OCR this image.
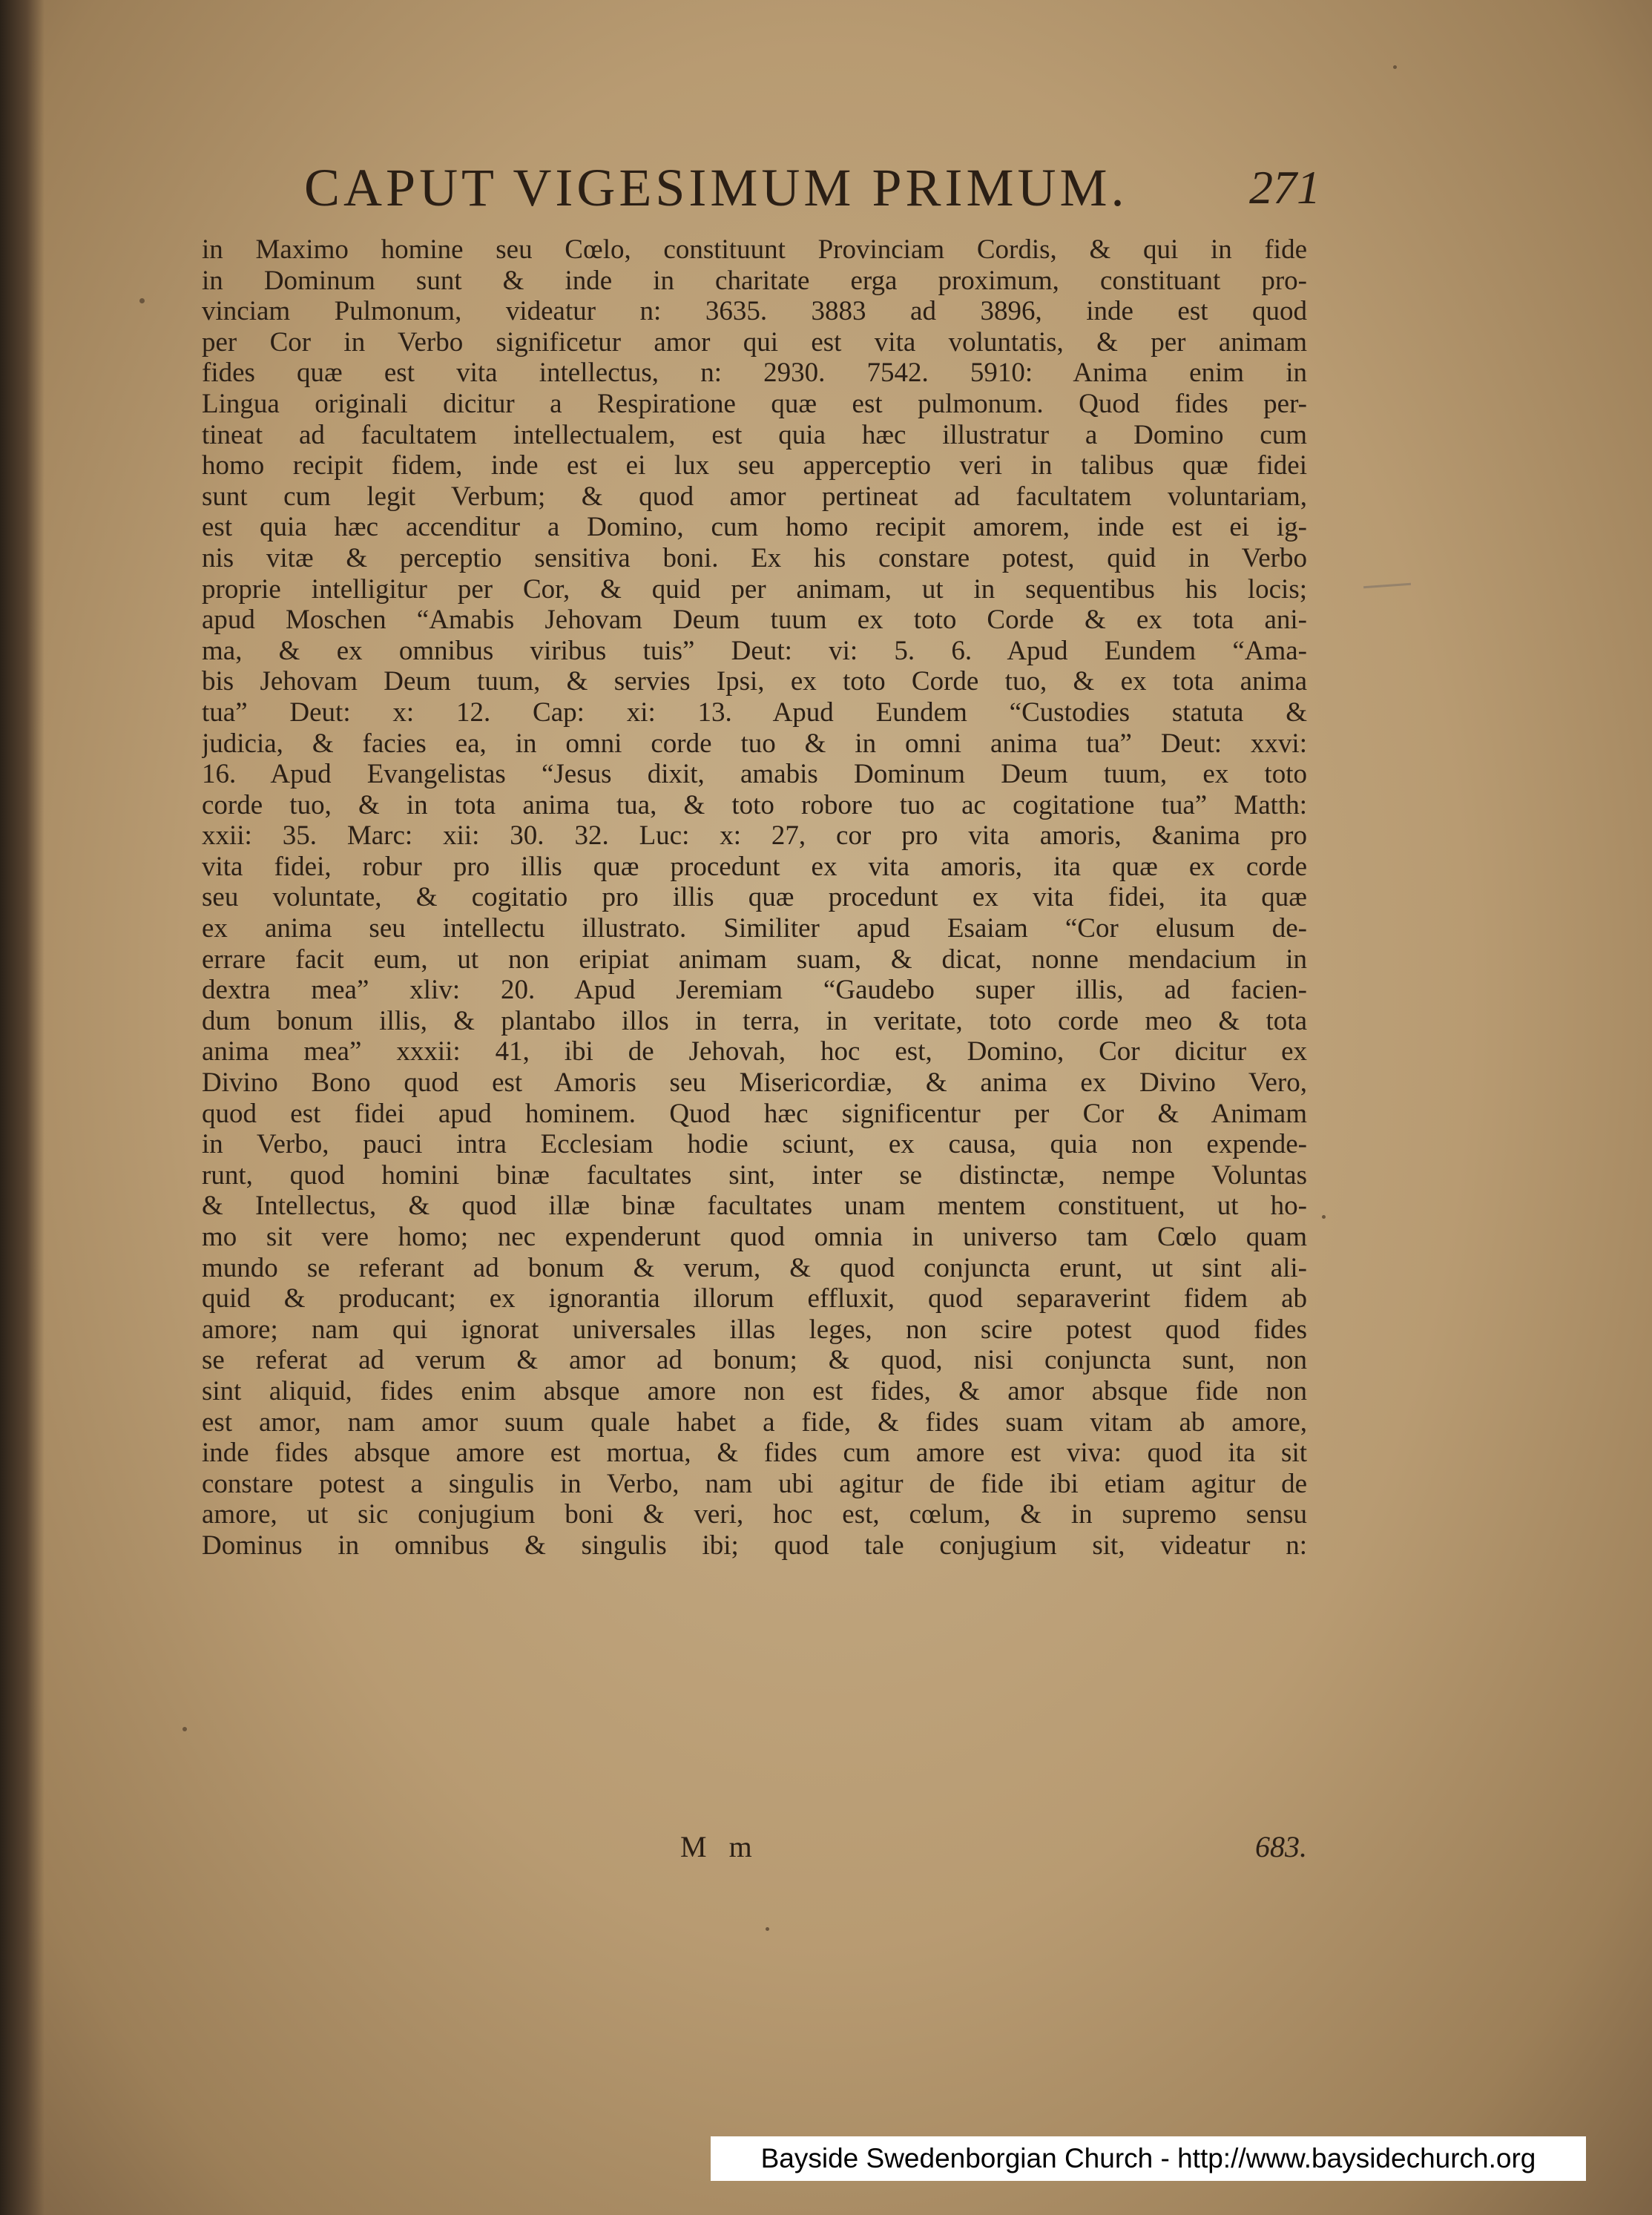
CAPUT VIGESIMUM PRIMUM.	271
in Maximo homine seu Cœlo, constituunt Provinciam Cordis, & qui in fide
in Dominum sunt & inde in charitate erga proximum, constituant pro-
vinciam Pulmonum, videatur n: 3635. 3883 ad 3896, inde est quod
per Cor in Verbo significetur amor qui est vita voluntatis, & per animam
fides quæ est vita intellectus, n: 2930. 7542. 5910: Anima enim in
Lingua originali dicitur a Respiratione quæ est pulmonum. Quod fides per-
tineat ad facultatem intellectualem, est quia hæc illustratur a Domino cum
homo recipit fidem, inde est ei lux seu apperceptio veri in talibus quæ fidei
sunt cum legit Verbum; & quod amor pertineat ad facultatem voluntariam,
est quia hæc accenditur a Domino, cum homo recipit amorem, inde est ei ig-
nis vitæ & perceptio sensitiva boni. Ex his constare potest, quid in Verbo
proprie intelligitur per Cor, & quid per animam, ut in sequentibus his locis;
apud Moschen “Amabis Jehovam Deum tuum ex toto Corde & ex tota ani-
ma, & ex omnibus viribus tuis” Deut: vi: 5. 6. Apud Eundem “Ama-
bis Jehovam Deum tuum, & servies Ipsi, ex toto Corde tuo, & ex tota anima
tua” Deut: x: 12. Cap: xi: 13. Apud Eundem “Custodies statuta &
judicia, & facies ea, in omni corde tuo & in omni anima tua” Deut: xxvi:
16. Apud Evangelistas “Jesus dixit, amabis Dominum Deum tuum, ex toto
corde tuo, & in tota anima tua, & toto robore tuo ac cogitatione tua” Matth:
xxii: 35. Marc: xii: 30. 32. Luc: x: 27, cor pro vita amoris, &anima pro
vita fidei, robur pro illis quæ procedunt ex vita amoris, ita quæ ex corde
seu voluntate, & cogitatio pro illis quæ procedunt ex vita fidei, ita quæ
ex anima seu intellectu illustrato. Similiter apud Esaiam “Cor elusum de-
errare facit eum, ut non eripiat animam suam, & dicat, nonne mendacium in
dextra mea” xliv: 20. Apud Jeremiam “Gaudebo super illis, ad facien-
dum bonum illis, & plantabo illos in terra, in veritate, toto corde meo & tota
anima mea” xxxii: 41, ibi de Jehovah, hoc est, Domino, Cor dicitur ex
Divino Bono quod est Amoris seu Misericordiæ, & anima ex Divino Vero,
quod est fidei apud hominem. Quod hæc significentur per Cor & Animam
in Verbo, pauci intra Ecclesiam hodie sciunt, ex causa, quia non expende-
runt, quod homini binæ facultates sint, inter se distinctæ, nempe Voluntas
& Intellectus, & quod illæ binæ facultates unam mentem constituent, ut ho-
mo sit vere homo; nec expenderunt quod omnia in universo tam Cœlo quam
mundo se referant ad bonum & verum, & quod conjuncta erunt, ut sint ali-
quid & producant; ex ignorantia illorum effluxit, quod separaverint fidem ab
amore; nam qui ignorat universales illas leges, non scire potest quod fides
se referat ad verum & amor ad bonum; & quod, nisi conjuncta sunt, non
sint aliquid, fides enim absque amore non est fides, & amor absque fide non
est amor, nam amor suum quale habet a fide, & fides suam vitam ab amore,
inde fides absque amore est mortua, & fides cum amore est viva: quod ita sit
constare potest a singulis in Verbo, nam ubi agitur de fide ibi etiam agitur de
amore, ut sic conjugium boni & veri, hoc est, cœlum, & in supremo sensu
Dominus in omnibus & singulis ibi; quod tale conjugium sit, videatur n:
M m	683.
Bayside Swedenborgian Church - http://www.baysidechurch.org
